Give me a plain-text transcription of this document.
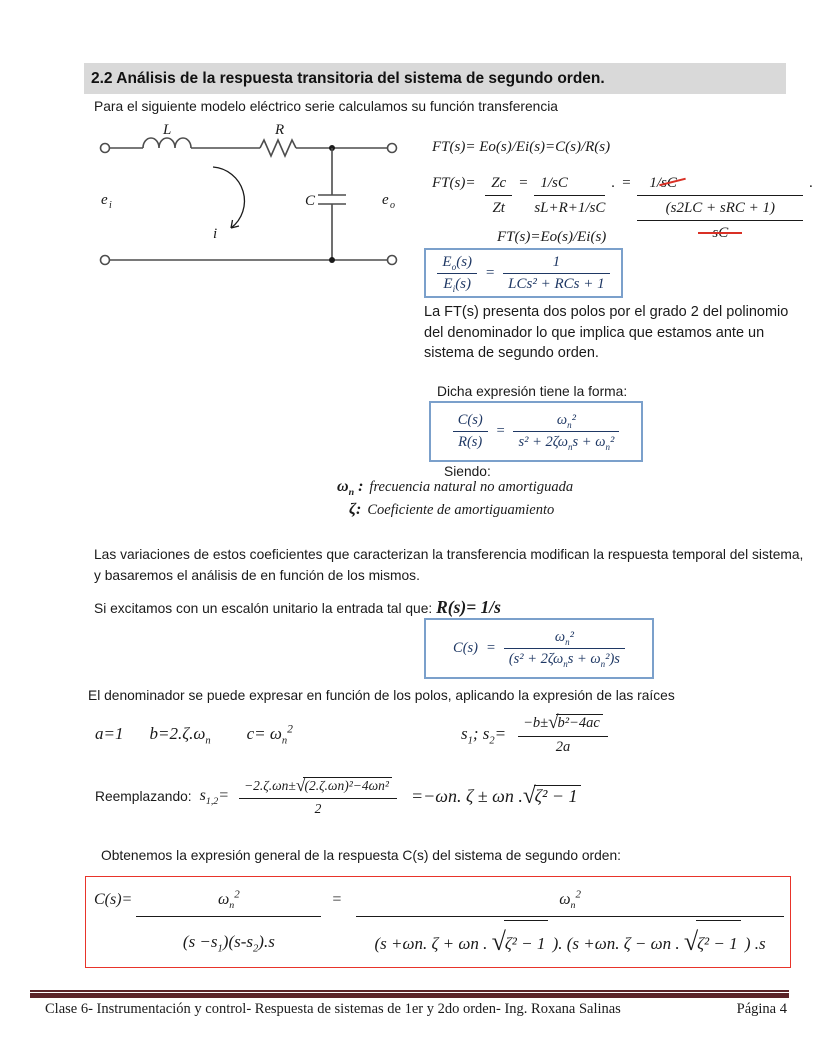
2.2 Análisis de la respuesta transitoria del sistema de segundo orden.
Para el siguiente modelo eléctrico serie calculamos su función transferencia
L	R
C
e i	e o
i
FT(s)= Eo(s)/Ei(s)=C(s)/R(s)
$FT(s)= \frac{Zc}{Zt} = \frac{1/sC}{sL+R+1/sC}$ . = 1/sC
(s2LC + sRC + 1)
sC .
FT(s)=Eo(s)/Ei(s)
$\frac{E_o(s)}{E_i(s)} = \frac{1}{\text{LCs² + RCs + 1}}$
La FT(s) presenta dos polos por el grado 2 del polinomio del denominador lo que implica que estamos ante un sistema de segundo orden.
Dicha expresión tiene la forma:
$\frac{C(s)}{R(s)} = \frac{\omega_n^2}{s^2 + 2\zeta\omega_ns + \omega_n^2}$
Siendo:
$\omega_n$ : frecuencia natural no amortiguada
ζ: Coeficiente de amortiguamiento
Las variaciones de estos coeficientes que caracterizan la transferencia modifican la respuesta temporal del sistema, y basaremos el análisis de en función de los mismos.
Si excitamos con un escalón unitario la entrada tal que: R(s)= 1/s
$C(s) = \frac{\omega_n^2}{(s^2 + 2\zeta\omega_ns + \omega_n^2)s}$
El denominador se puede expresar en función de los polos, aplicando la expresión de las raíces
a=1 $b=2.\zeta.\omega_n$ $c= \omega_n^2$	$s_1$; $s_2= \frac{\text{−b±√b²−4ac}}{2a}$
Reemplazando: $s_{1,2}= \frac{\text{−2.ζ.ωn±√(2.ζ.ωn)²−4ωn²}}{2} =-\omega n$. ζ ± ωn .√ζ² − 1
Obtenemos la expresión general de la respuesta C(s) del sistema de segundo orden:
$C(s)= \frac{\omega_n^2}{(s -s_1)(s-s_2).s} = \frac{\omega_n^2}{\text{(s +ωn. ζ + ωn . √ζ² − 1 ). (s +ωn. ζ − ωn . √ζ² − 1 ) .s}}$
Clase 6- Instrumentación y control- Respuesta de sistemas de 1er y 2do orden- Ing. Roxana Salinas	Página 4
